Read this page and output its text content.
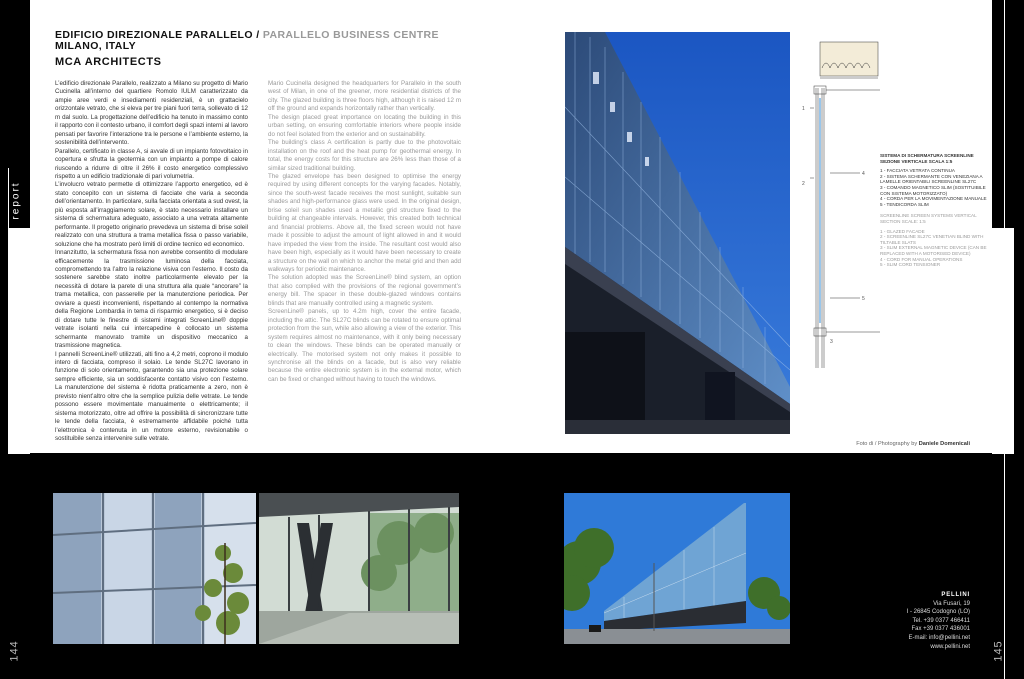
report
144	145
EDIFICIO DIREZIONALE PARALLELO / PARALLELO BUSINESS CENTRE
MILANO, ITALY
MCA ARCHITECTS

L’edificio direzionale Parallelo, realizzato a Milano su progetto di Mario Cucinella all’interno del quartiere Romolo IULM caratterizzato da ampie aree verdi e insediamenti residenziali, è un grattacielo orizzontale vetrato, che si eleva per tre piani fuori terra, sollevato di 12 m dal suolo. La progettazione dell’edificio ha tenuto in massimo conto il rapporto con il contesto urbano, il comfort degli spazi interni al lavoro pensati per favorire l’interazione tra le persone e l’ambiente esterno, la sostenibilità dell’intervento.

Parallelo, certificato in classe A, si avvale di un impianto fotovoltaico in copertura e sfrutta la geotermia con un impianto a pompe di calore riuscendo a ridurre di oltre il 26% il costo energetico complessivo rispetto a un edificio tradizionale di pari volumetria.

L’involucro vetrato permette di ottimizzare l’apporto energetico, ed è stato concepito con un sistema di facciate che varia a seconda dell’orientamento. In particolare, sulla facciata orientata a sud ovest, la più esposta all’irraggiamento solare, è stato necessario installare un sistema di schermatura adeguato, associato a una vetrata altamente performante. Il progetto originario prevedeva un sistema di brise soleil realizzato con una struttura a trama metallica fissa o passo variabile, soluzione che ha mostrato però limiti di ordine tecnico ed economico.

Innanzitutto, la schermatura fissa non avrebbe consentito di modulare efficacemente la trasmissione luminosa della facciata, compromettendo tra l’altro la relazione visiva con l’esterno. Il costo da sostenere sarebbe stato inoltre particolarmente elevato per la necessità di dotare la parete di una struttura alla quale “ancorare” la trama metallica, con passerelle per la manutenzione periodica. Per ovviare a questi inconvenienti, rispettando al contempo la normativa della Regione Lombardia in tema di risparmio energetico, si è deciso di dotare tutte le finestre di sistemi integrati ScreenLine® doppie vetrate isolanti nella cui intercapedine è collocato un sistema schermante manovrato tramite un dispositivo meccanico a trasmissione magnetica.

I pannelli ScreenLine® utilizzati, alti fino a 4,2 metri, coprono il modulo intero di facciata, compreso il solaio. Le tende SL27C lavorano in funzione di solo orientamento, garantendo sia una protezione solare sempre efficiente, sia un soddisfacente contatto visivo con l’esterno. La manutenzione del sistema è ridotta praticamente a zero, non è previsto nient’altro oltre che la semplice pulizia delle vetrate. Le tende possono essere movimentate manualmente o elettricamente; il sistema motorizzato, oltre ad offrire la possibilità di sincronizzare tutte le tende della facciata, è estremamente affidabile poiché tutta l’elettronica è contenuta in un motore esterno, revisionabile o sostituibile senza intervenire sulle vetrate.

Mario Cucinella designed the headquarters for Parallelo in the south west of Milan, in one of the greener, more residential districts of the city. The glazed building is three floors high, although it is raised 12 m off the ground and expands horizontally rather than vertically.

The design placed great importance on locating the building in this urban setting, on ensuring comfortable interiors where people inside do not feel isolated from the exterior and on sustainability.

The building’s class A certification is partly due to the photovoltaic installation on the roof and the heat pump for geothermal energy. In total, the energy costs for this structure are 26% less than those of a similar sized traditional building.

The glazed envelope has been designed to optimise the energy required by using different concepts for the varying facades. Notably, since the south-west facade receives the most sunlight, suitable sun shades and high-performance glass were used. In the original design, brise soleil sun shades used a metallic grid structure fixed to the building at changeable intervals. However, this created both technical and financial problems. Above all, the fixed screen would not have made it possible to adjust the amount of light allowed in and it would have impeded the view from the inside. The resultant cost would also have been high, especially as it would have been necessary to create a structure on the wall on which to anchor the metal grid and then add walkways for periodic maintenance.

The solution adopted was the ScreenLine® blind system, an option that also complied with the provisions of the regional government’s energy bill. The spacer in these double-glazed windows contains blinds that are manually controlled using a magnetic system.

ScreenLine® panels, up to 4.2m high, cover the entire facade, including the attic. The SL27C blinds can be rotated to ensure optimal protection from the sun, while also allowing a view of the exterior. This system requires almost no maintenance, with it only being necessary to clean the windows. These blinds can be operated manually or electrically. The motorised system not only makes it possible to synchronise all the blinds on a facade, but is also very reliable because the entire electronic system is in the external motor, which can be fixed or changed without having to touch the windows.

Foto di / Photography by Daniele Domenicali
1
2
4
5
3
SISTEMA DI SCHERMATURA SCREENLINE SEZIONE VERTICALE SCALA 1:5
1 - FACCIATA VETRATA CONTINUA
2 - SISTEMA SCHERMANTE CON VENEZIANA A LAMELLE ORIENTABILI SCREENLINE SL27C
3 - COMANDO MAGNETICO SLIM (SOSTITUIBILE CON SISTEMA MOTORIZZATO)
4 - CORDA PER LA MOVIMENTAZIONE MANUALE
5 - TENDICORDA SLIM
SCREENLINE SCREEN SYSTEMS VERTICAL SECTION SCALE: 1:5
1 - GLAZED FACADE
2 - SCREENLINE SL27C VENETIAN BLIND WITH TILTABLE SLATS
3 - SLIM EXTERNAL MAGNETIC DEVICE (CAN BE REPLACED WITH A MOTORISED DEVICE)
4 - CORD FOR MANUAL OPERATIONS
5 - SLIM CORD TENSIONER
PELLINI
Via Fusari, 19
I - 26845 Codogno (LO)
Tel. +39 0377 466411
Fax +39 0377 436001
E-mail: info@pellini.net
www.pellini.net
